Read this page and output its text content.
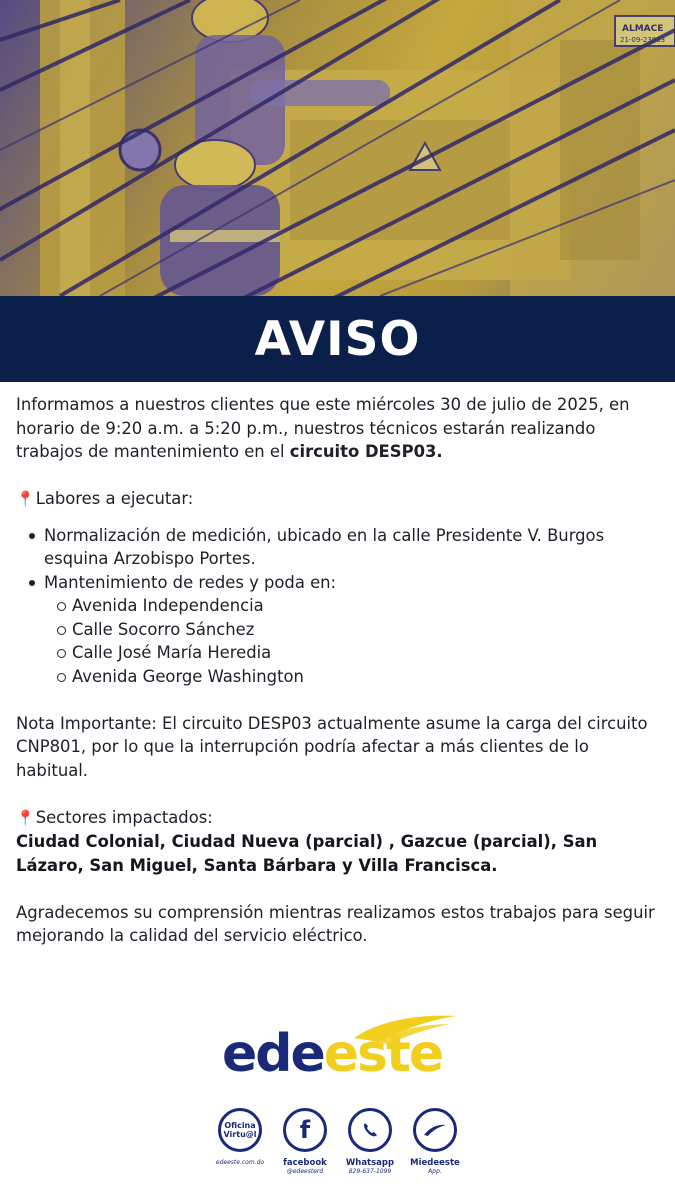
ALMACE
21-09-23933
AVISO

Informamos a nuestros clientes que este miércoles 30 de julio de 2025, en horario de 9:20 a.m. a 5:20 p.m., nuestros técnicos estarán realizando trabajos de mantenimiento en el circuito DESP03.

📍Labores a ejecutar:

Normalización de medición, ubicado en la calle Presidente V. Burgos esquina Arzobispo Portes.
Mantenimiento de redes y poda en:
Avenida Independencia
Calle Socorro Sánchez
Calle José María Heredia
Avenida George Washington

Nota Importante: El circuito DESP03 actualmente asume la carga del circuito CNP801, por lo que la interrupción podría afectar a más clientes de lo habitual.

📍Sectores impactados:

Ciudad Colonial, Ciudad Nueva (parcial) , Gazcue (parcial), San Lázaro, San Miguel, Santa Bárbara y Villa Francisca.

Agradecemos su comprensión mientras realizamos estos trabajos para seguir mejorando la calidad del servicio eléctrico.

edeeste
Oficina Virtu@l
edeeste.com.do
f
facebook
@edeesterd
Whatsapp
829-637-1099
Miedeeste
App.
